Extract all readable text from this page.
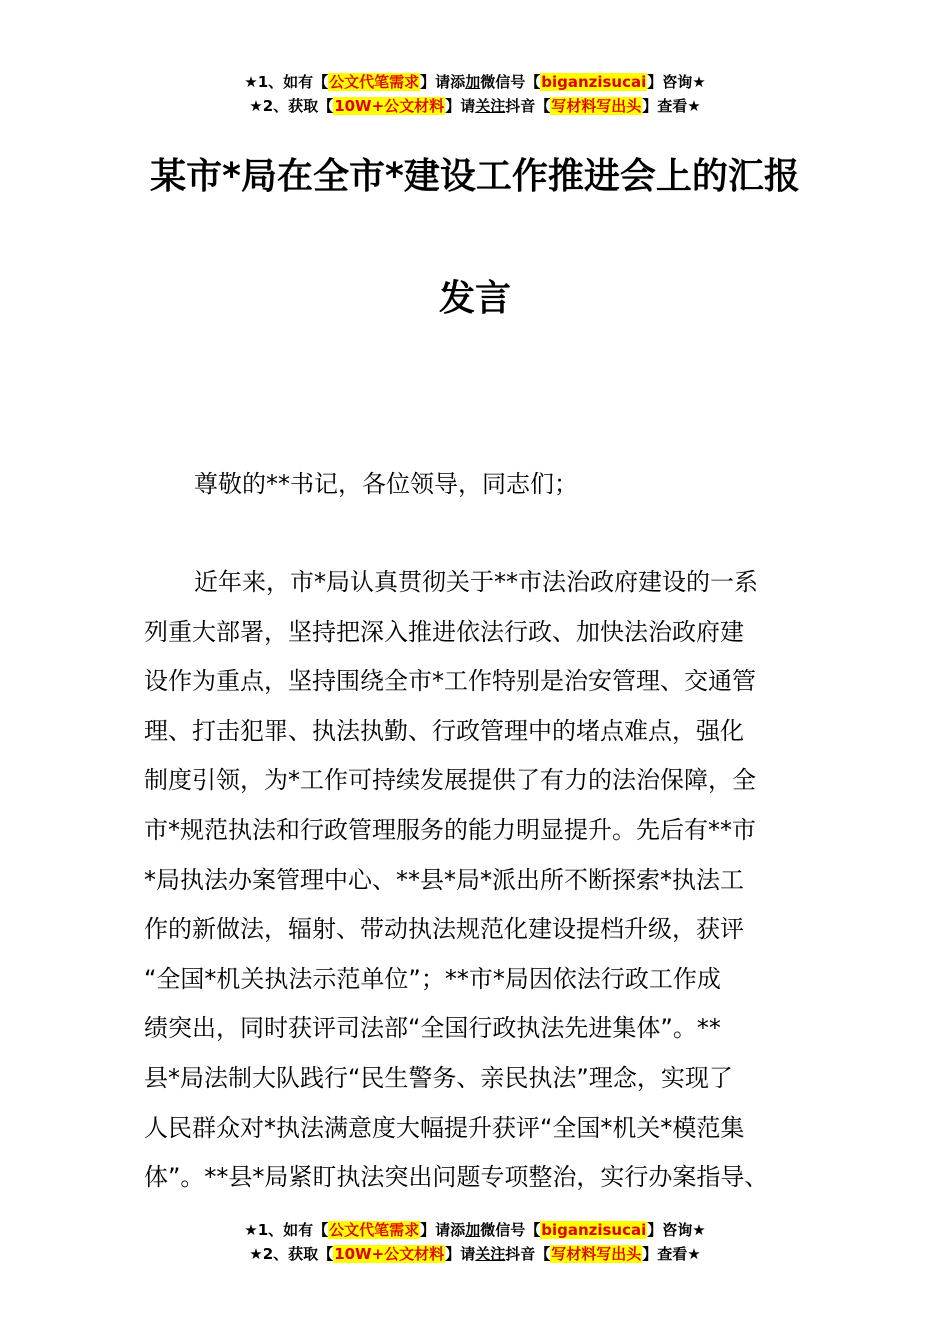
★1、如有【公文代笔需求】请添加微信号【biganzisucai】咨询★
★2、获取【10W+公文材料】请关注抖音【写材料写出头】查看★
某市*局在全市*建设工作推进会上的汇报
发言
尊敬的**书记，各位领导，同志们；
近年来，市*局认真贯彻关于**市法治政府建设的一系
列重大部署，坚持把深入推进依法行政、加快法治政府建
设作为重点，坚持围绕全市*工作特别是治安管理、交通管
理、打击犯罪、执法执勤、行政管理中的堵点难点，强化
制度引领，为*工作可持续发展提供了有力的法治保障，全
市*规范执法和行政管理服务的能力明显提升。先后有**市
*局执法办案管理中心、**县*局*派出所不断探索*执法工
作的新做法，辐射、带动执法规范化建设提档升级，获评
“全国*机关执法示范单位”；**市*局因依法行政工作成
绩突出，同时获评司法部“全国行政执法先进集体”。**
县*局法制大队践行“民生警务、亲民执法”理念，实现了
人民群众对*执法满意度大幅提升获评“全国*机关*模范集
体”。**县*局紧盯执法突出问题专项整治，实行办案指导、
★1、如有【公文代笔需求】请添加微信号【biganzisucai】咨询★
★2、获取【10W+公文材料】请关注抖音【写材料写出头】查看★
